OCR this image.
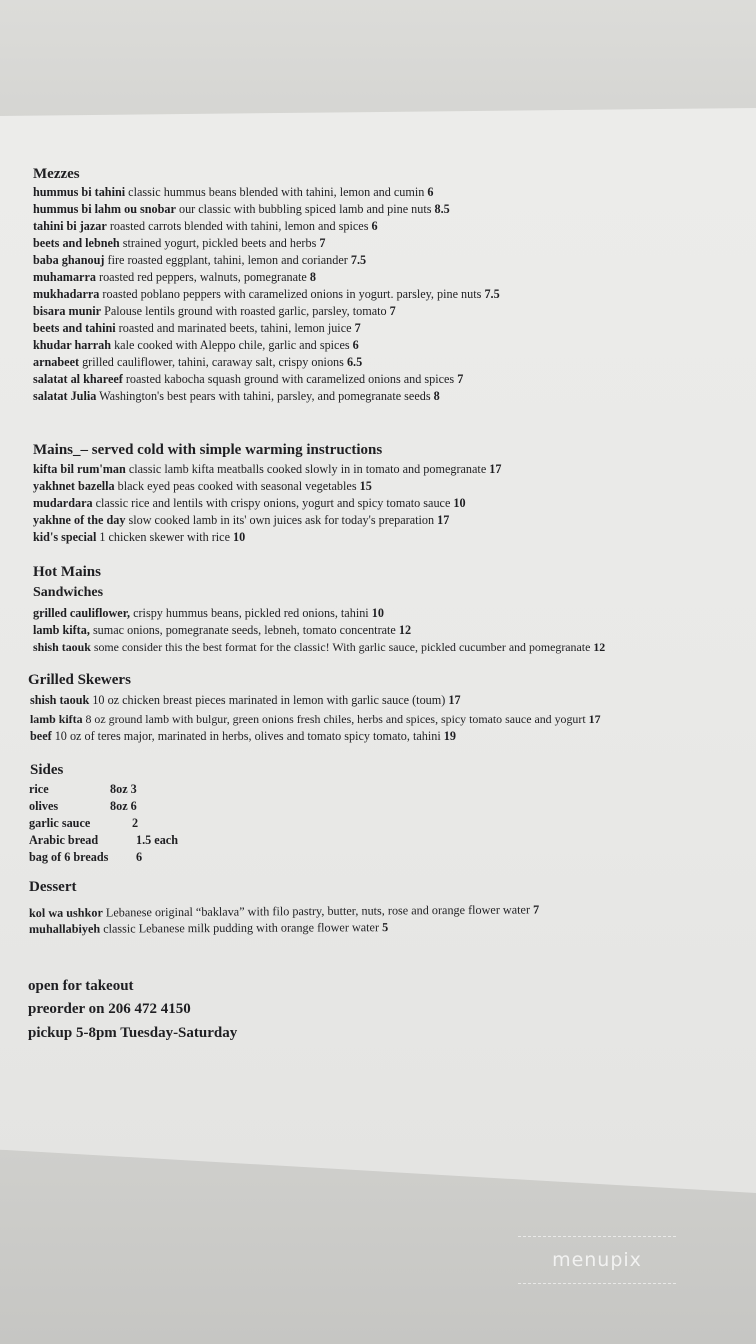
Mezzes
hummus bi tahini classic hummus beans blended with tahini, lemon and cumin 6
hummus bi lahm ou snobar our classic with bubbling spiced lamb and pine nuts 8.5
tahini bi jazar roasted carrots blended with tahini, lemon and spices 6
beets and lebneh strained yogurt, pickled beets and herbs 7
baba ghanouj fire roasted eggplant, tahini, lemon and coriander 7.5
muhamarra roasted red peppers, walnuts, pomegranate 8
mukhadarra roasted poblano peppers with caramelized onions in yogurt. parsley, pine nuts 7.5
bisara munir Palouse lentils ground with roasted garlic, parsley, tomato 7
beets and tahini roasted and marinated beets, tahini, lemon juice 7
khudar harrah kale cooked with Aleppo chile, garlic and spices 6
arnabeet grilled cauliflower, tahini, caraway salt, crispy onions 6.5
salatat al khareef roasted kabocha squash ground with caramelized onions and spices 7
salatat Julia Washington's best pears with tahini, parsley, and pomegranate seeds 8
Mains_– served cold with simple warming instructions
kifta bil rum'man classic lamb kifta meatballs cooked slowly in in tomato and pomegranate 17
yakhnet bazella black eyed peas cooked with seasonal vegetables 15
mudardara classic rice and lentils with crispy onions, yogurt and spicy tomato sauce 10
yakhne of the day slow cooked lamb in its' own juices ask for today's preparation 17
kid's special 1 chicken skewer with rice 10
Hot Mains
Sandwiches
grilled cauliflower, crispy hummus beans, pickled red onions, tahini 10
lamb kifta, sumac onions, pomegranate seeds, lebneh, tomato concentrate 12
shish taouk some consider this the best format for the classic! With garlic sauce, pickled cucumber and pomegranate 12
Grilled Skewers
shish taouk 10 oz chicken breast pieces marinated in lemon with garlic sauce (toum) 17
lamb kifta 8 oz ground lamb with bulgur, green onions fresh chiles, herbs and spices, spicy tomato sauce and yogurt 17
beef 10 oz of teres major, marinated in herbs, olives and tomato spicy tomato, tahini 19
Sides
rice	8oz 3
olives	8oz 6
garlic sauce	2
Arabic bread	1.5 each
bag of 6 breads 6
Dessert
kol wa ushkor Lebanese original “baklava” with filo pastry, butter, nuts, rose and orange flower water 7
muhallabiyeh classic Lebanese milk pudding with orange flower water 5
open for takeout
preorder on 206 472 4150
pickup 5-8pm Tuesday-Saturday
menupix
